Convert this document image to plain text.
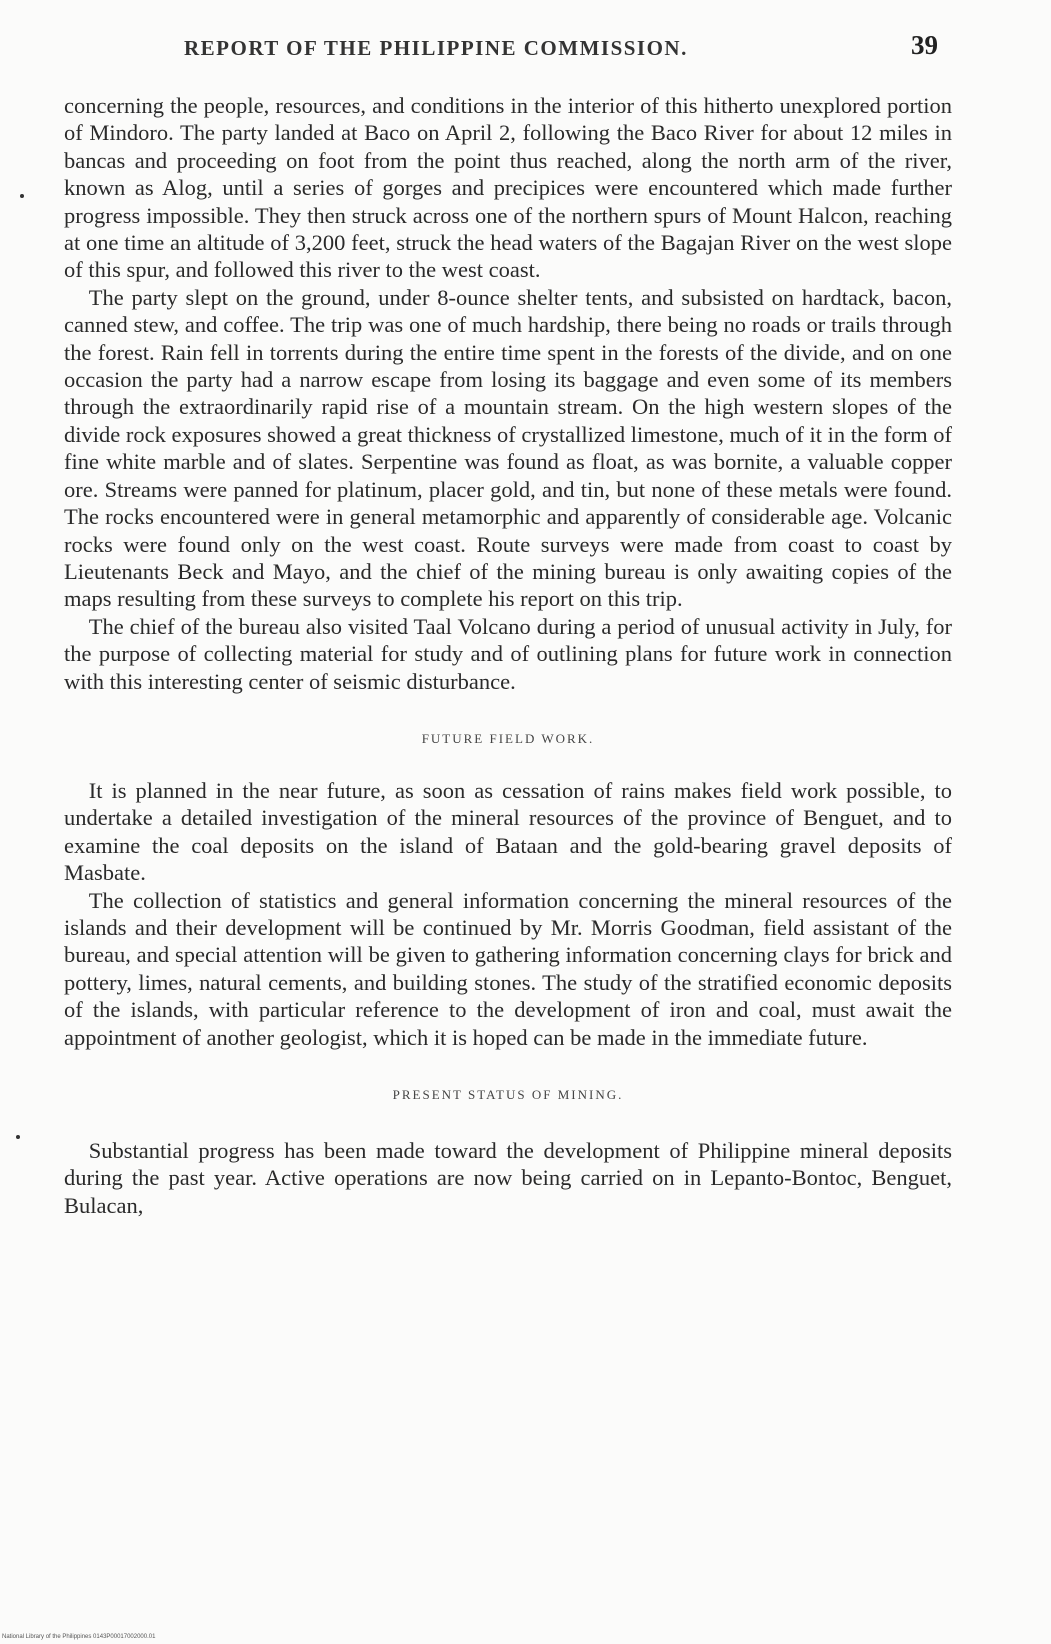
REPORT OF THE PHILIPPINE COMMISSION.	39

concerning the people, resources, and conditions in the interior of this hitherto unexplored portion of Mindoro. The party landed at Baco on April 2, following the Baco River for about 12 miles in bancas and proceeding on foot from the point thus reached, along the north arm of the river, known as Alog, until a series of gorges and precipices were encountered which made further progress impossible. They then struck across one of the northern spurs of Mount Halcon, reaching at one time an altitude of 3,200 feet, struck the head waters of the Bagajan River on the west slope of this spur, and followed this river to the west coast.

The party slept on the ground, under 8-ounce shelter tents, and subsisted on hardtack, bacon, canned stew, and coffee. The trip was one of much hardship, there being no roads or trails through the forest. Rain fell in torrents during the entire time spent in the forests of the divide, and on one occasion the party had a narrow escape from losing its baggage and even some of its members through the extraordinarily rapid rise of a mountain stream. On the high western slopes of the divide rock exposures showed a great thickness of crystallized limestone, much of it in the form of fine white marble and of slates. Serpentine was found as float, as was bornite, a valuable copper ore. Streams were panned for platinum, placer gold, and tin, but none of these metals were found. The rocks encountered were in general metamorphic and apparently of considerable age. Volcanic rocks were found only on the west coast. Route surveys were made from coast to coast by Lieutenants Beck and Mayo, and the chief of the mining bureau is only awaiting copies of the maps resulting from these surveys to complete his report on this trip.

The chief of the bureau also visited Taal Volcano during a period of unusual activity in July, for the purpose of collecting material for study and of outlining plans for future work in connection with this interesting center of seismic disturbance.

FUTURE FIELD WORK.

It is planned in the near future, as soon as cessation of rains makes field work possible, to undertake a detailed investigation of the mineral resources of the province of Benguet, and to examine the coal deposits on the island of Bataan and the gold-bearing gravel deposits of Masbate.

The collection of statistics and general information concerning the mineral resources of the islands and their development will be continued by Mr. Morris Goodman, field assistant of the bureau, and special attention will be given to gathering information concerning clays for brick and pottery, limes, natural cements, and building stones. The study of the stratified economic deposits of the islands, with particular reference to the development of iron and coal, must await the appointment of another geologist, which it is hoped can be made in the immediate future.

PRESENT STATUS OF MINING.

Substantial progress has been made toward the development of Philippine mineral deposits during the past year. Active operations are now being carried on in Lepanto-Bontoc, Benguet, Bulacan,

National Library of the Philippines 0143P00017002000.01
